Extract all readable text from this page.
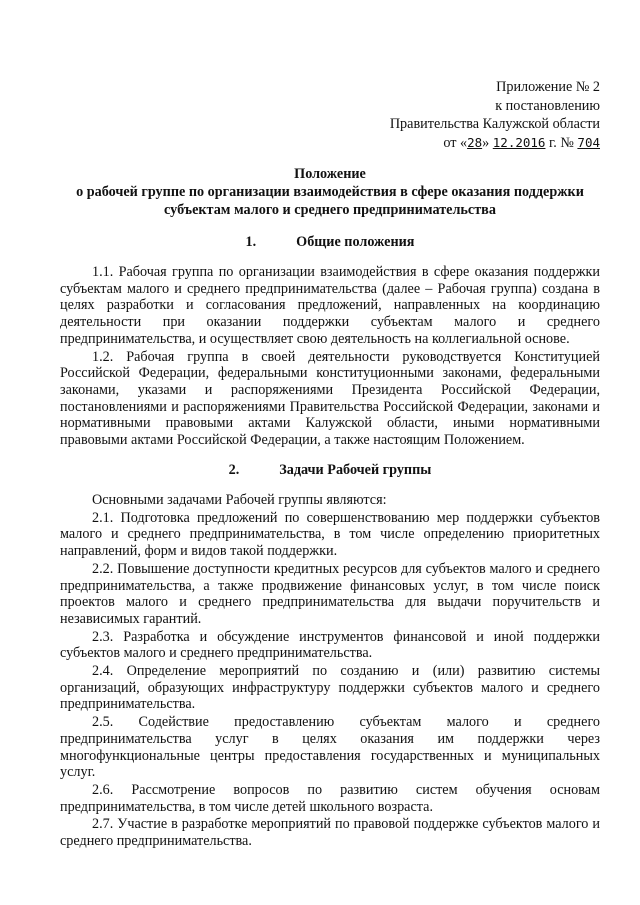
Приложение № 2
к постановлению
Правительства Калужской области
от «28» 12.2016 г. № 704
Положение
о рабочей группе по организации взаимодействия в сфере оказания поддержки
субъектам малого и среднего предпринимательства
1.	Общие положения

1.1. Рабочая группа по организации взаимодействия в сфере оказания поддержки субъектам малого и среднего предпринимательства (далее – Рабочая группа) создана в целях разработки и согласования предложений, направленных на координацию деятельности при оказании поддержки субъектам малого и среднего предпринимательства, и осуществляет свою деятельность на коллегиальной основе.

1.2. Рабочая группа в своей деятельности руководствуется Конституцией Российской Федерации, федеральными конституционными законами, федеральными законами, указами и распоряжениями Президента Российской Федерации, постановлениями и распоряжениями Правительства Российской Федерации, законами и нормативными правовыми актами Калужской области, иными нормативными правовыми актами Российской Федерации, а также настоящим Положением.

2.	Задачи Рабочей группы

Основными задачами Рабочей группы являются:

2.1. Подготовка предложений по совершенствованию мер поддержки субъектов малого и среднего предпринимательства, в том числе определению приоритетных направлений, форм и видов такой поддержки.

2.2. Повышение доступности кредитных ресурсов для субъектов малого и среднего предпринимательства, а также продвижение финансовых услуг, в том числе поиск проектов малого и среднего предпринимательства для выдачи поручительств и независимых гарантий.

2.3. Разработка и обсуждение инструментов финансовой и иной поддержки субъектов малого и среднего предпринимательства.

2.4. Определение мероприятий по созданию и (или) развитию системы организаций, образующих инфраструктуру поддержки субъектов малого и среднего предпринимательства.

2.5. Содействие предоставлению субъектам малого и среднего предпринимательства услуг в целях оказания им поддержки через многофункциональные центры предоставления государственных и муниципальных услуг.

2.6. Рассмотрение вопросов по развитию систем обучения основам предпринимательства, в том числе детей школьного возраста.

2.7. Участие в разработке мероприятий по правовой поддержке субъектов малого и среднего предпринимательства.
